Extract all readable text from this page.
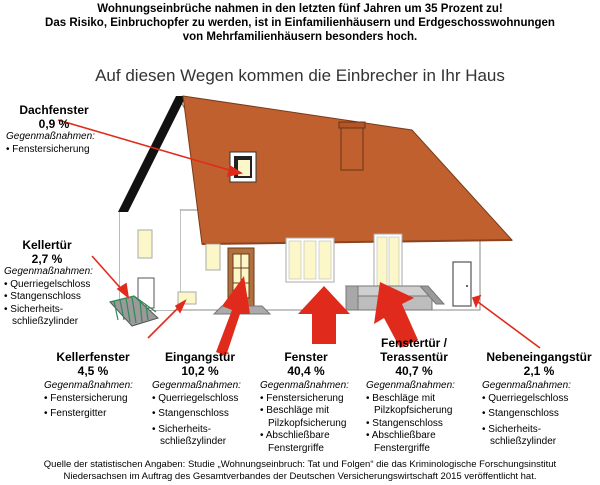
Wohnungseinbrüche nahmen in den letzten fünf Jahren um 35 Prozent zu!
Das Risiko, Einbruchopfer zu werden, ist in Einfamilienhäusern und Erdgeschosswohnungen
von Mehrfamilienhäusern besonders hoch.
Auf diesen Wegen kommen die Einbrecher in Ihr Haus
Dachfenster
0,9 %
Gegenmaßnahmen:
• Fenstersicherung
Kellertür
2,7 %
Gegenmaßnahmen:
• Querriegelschloss
• Stangenschloss
• Sicherheits-
schließzylinder
Kellerfenster
4,5 %
Gegenmaßnahmen:
• Fenstersicherung
• Fenstergitter
Eingangstür
10,2 %
Gegenmaßnahmen:
• Querriegelschloss
• Stangenschloss
• Sicherheits-
schließzylinder
Fenster
40,4 %
Gegenmaßnahmen:
• Fenstersicherung
• Beschläge mit
Pilzkopfsicherung
• Abschließbare
Fenstergriffe
Fenstertür /
Terassentür
40,7 %
Gegenmaßnahmen:
• Beschläge mit
Pilzkopfsicherung
• Stangenschloss
• Abschließbare
Fenstergriffe
Nebeneingangstür
2,1 %
Gegenmaßnahmen:
• Querriegelschloss
• Stangenschloss
• Sicherheits-
schließzylinder
Quelle der statistischen Angaben: Studie „Wohnungseinbruch: Tat und Folgen“ die das Kriminologische Forschungsinstitut
Niedersachsen im Auftrag des Gesamtverbandes der Deutschen Versicherungswirtschaft 2015 veröffentlicht hat.
